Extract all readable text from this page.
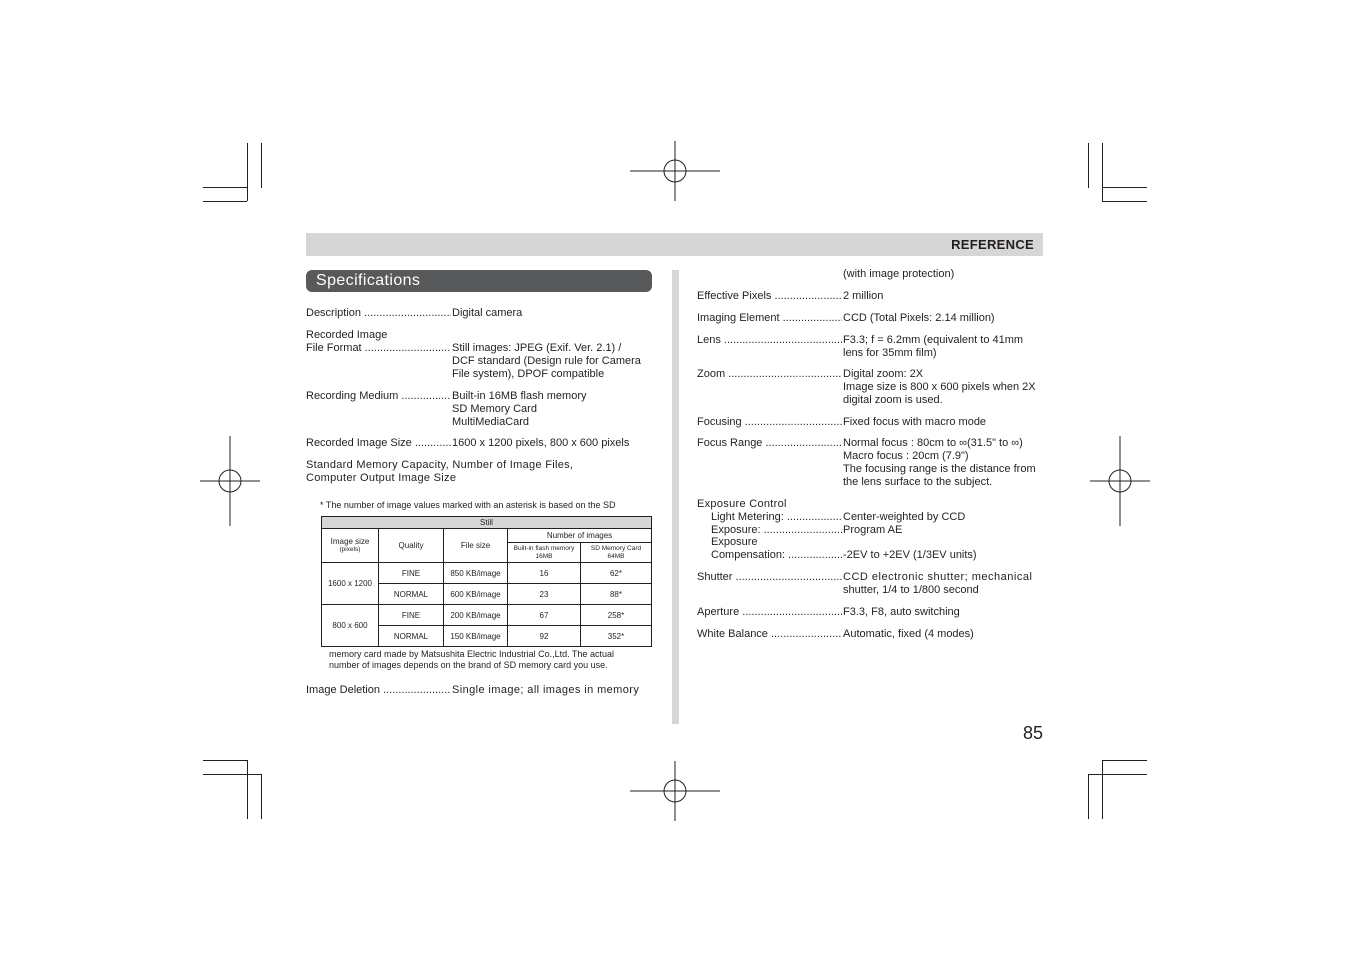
REFERENCE
Specifications
Description .....	Digital camera
Recorded Image
File Format .....	Still images: JPEG (Exif. Ver. 2.1) /
DCF standard (Design rule for Camera
File system), DPOF compatible
Recording Medium .....	Built-in 16MB flash memory
SD Memory Card
MultiMediaCard
Recorded Image Size .....	1600 x 1200 pixels, 800 x 600 pixels
Standard Memory Capacity, Number of Image Files,
Computer Output Image Size
* The number of image values marked with an asterisk is based on the SD
Still				

Image size
(pixels)	Quality	File size	Number of images	
			Built-in flash memory 16MB	SD Memory Card 64MB
1600 x 1200	FINE	850 KB/image	16	62*
	NORMAL	600 KB/image	23	88*
800 x 600	FINE	200 KB/image	67	258*
	NORMAL	150 KB/image	92	352*
memory card made by Matsushita Electric Industrial Co.,Ltd. The actual
number of images depends on the brand of SD memory card you use.
Image Deletion .....	Single image; all images in memory
(with image protection)
Effective Pixels .....	2 million
Imaging Element .....	CCD (Total Pixels: 2.14 million)
Lens .....	F3.3; f = 6.2mm (equivalent to 41mm
lens for 35mm film)
Zoom .....	Digital zoom: 2X
Image size is 800 x 600 pixels when 2X
digital zoom is used.
Focusing .....	Fixed focus with macro mode
Focus Range .....	Normal focus : 80cm to ∞(31.5" to ∞)
Macro focus : 20cm (7.9")
The focusing range is the distance from
the lens surface to the subject.
Exposure Control
Light Metering: .....	Center-weighted by CCD
Exposure: .....	Program AE
Exposure
Compensation: .....	-2EV to +2EV (1/3EV units)
Shutter .....	CCD electronic shutter; mechanical
shutter, 1/4 to 1/800 second
Aperture .....	F3.3, F8, auto switching
White Balance .....	Automatic, fixed (4 modes)
85
